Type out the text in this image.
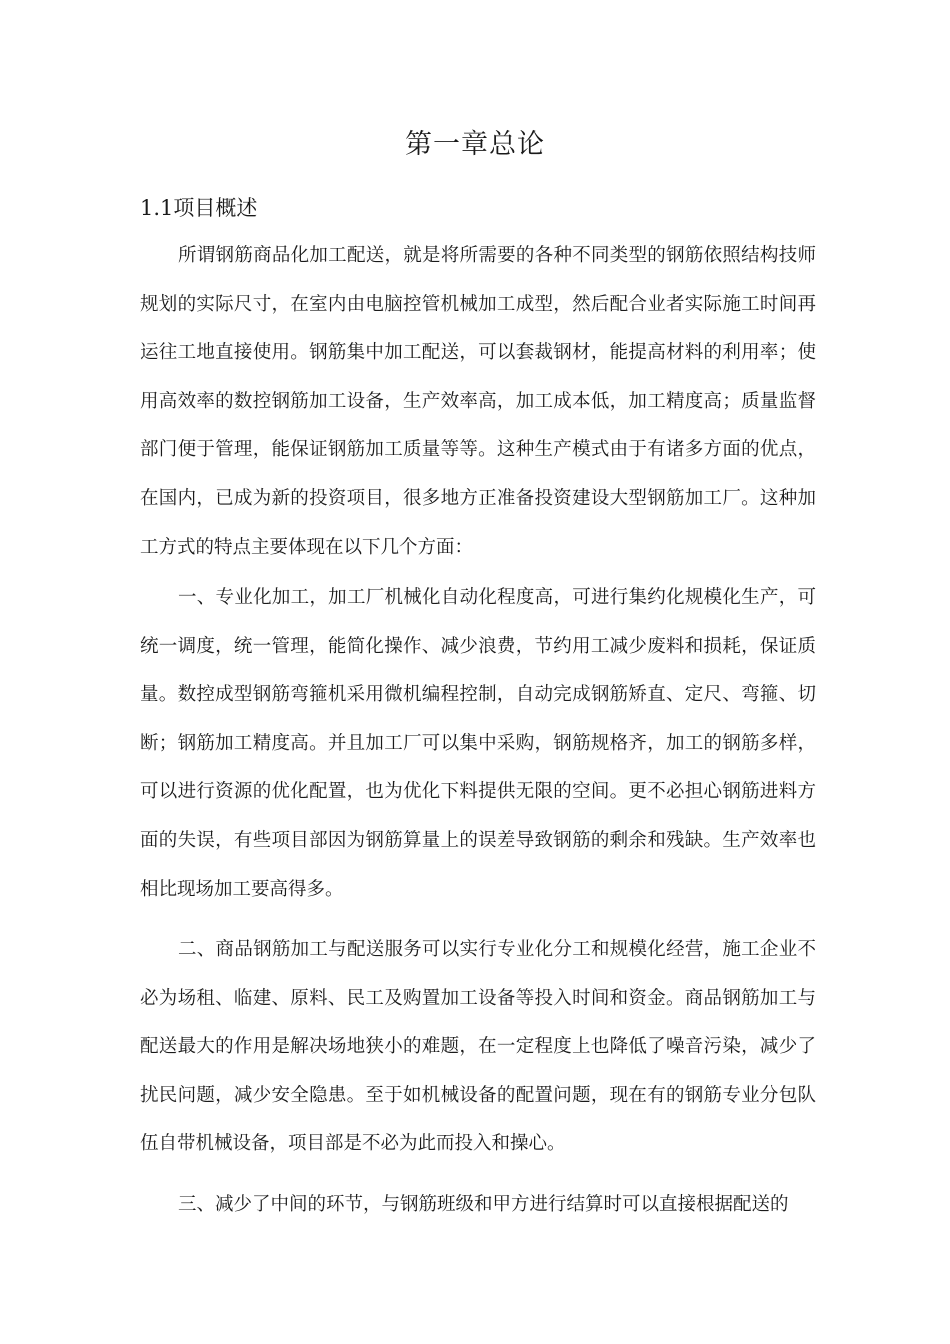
第一章总论
1.1项目概述

所谓钢筋商品化加工配送，就是将所需要的各种不同类型的钢筋依照结构技师规划的实际尺寸，在室内由电脑控管机械加工成型，然后配合业者实际施工时间再运往工地直接使用。钢筋集中加工配送，可以套裁钢材，能提高材料的利用率；使用高效率的数控钢筋加工设备，生产效率高，加工成本低，加工精度高；质量监督部门便于管理，能保证钢筋加工质量等等。这种生产模式由于有诸多方面的优点，在国内，已成为新的投资项目，很多地方正准备投资建设大型钢筋加工厂。这种加工方式的特点主要体现在以下几个方面：

一、专业化加工，加工厂机械化自动化程度高，可进行集约化规模化生产，可统一调度，统一管理，能简化操作、减少浪费，节约用工减少废料和损耗，保证质量。数控成型钢筋弯箍机采用微机编程控制，自动完成钢筋矫直、定尺、弯箍、切断；钢筋加工精度高。并且加工厂可以集中采购，钢筋规格齐，加工的钢筋多样，可以进行资源的优化配置，也为优化下料提供无限的空间。更不必担心钢筋进料方面的失误，有些项目部因为钢筋算量上的误差导致钢筋的剩余和残缺。生产效率也相比现场加工要高得多。

二、商品钢筋加工与配送服务可以实行专业化分工和规模化经营，施工企业不必为场租、临建、原料、民工及购置加工设备等投入时间和资金。商品钢筋加工与配送最大的作用是解决场地狭小的难题，在一定程度上也降低了噪音污染，减少了扰民问题，减少安全隐患。至于如机械设备的配置问题，现在有的钢筋专业分包队伍自带机械设备，项目部是不必为此而投入和操心。

三、减少了中间的环节，与钢筋班级和甲方进行结算时可以直接根据配送的
